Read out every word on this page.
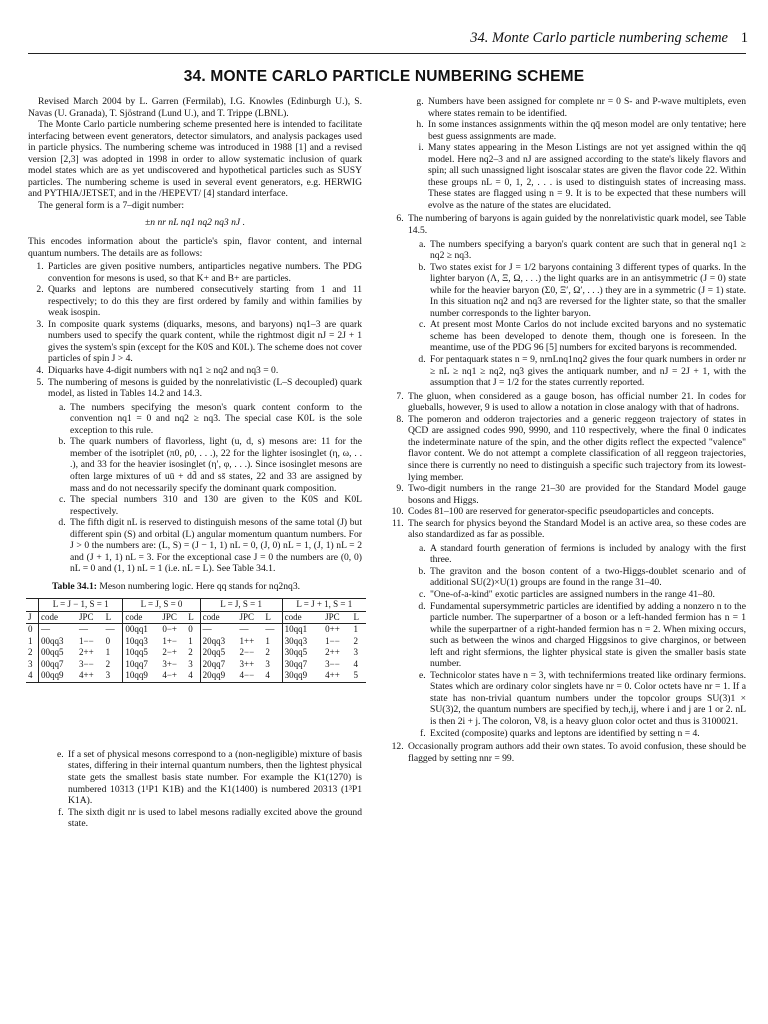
34. Monte Carlo particle numbering scheme 1
34. MONTE CARLO PARTICLE NUMBERING SCHEME

Revised March 2004 by L. Garren (Fermilab), I.G. Knowles (Edinburgh U.), S. Navas (U. Granada), T. Sjöstrand (Lund U.), and T. Trippe (LBNL).

The Monte Carlo particle numbering scheme presented here is intended to facilitate interfacing between event generators, detector simulators, and analysis packages used in particle physics. The numbering scheme was introduced in 1988 [1] and a revised version [2,3] was adopted in 1998 in order to allow systematic inclusion of quark model states which are as yet undiscovered and hypothetical particles such as SUSY particles. The numbering scheme is used in several event generators, e.g. HERWIG and PYTHIA/JETSET, and in the /HEPEVT/ [4] standard interface.

The general form is a 7–digit number:

±n nr nL nq1 nq2 nq3 nJ .

This encodes information about the particle's spin, flavor content, and internal quantum numbers. The details are as follows:

1. Particles are given positive numbers, antiparticles negative numbers. The PDG convention for mesons is used, so that K+ and B+ are particles.
2. Quarks and leptons are numbered consecutively starting from 1 and 11 respectively; to do this they are first ordered by family and within families by weak isospin.
3. In composite quark systems (diquarks, mesons, and baryons) nq1–3 are quark numbers used to specify the quark content, while the rightmost digit nJ = 2J + 1 gives the system's spin (except for the K0S and K0L). The scheme does not cover particles of spin J > 4.
4. Diquarks have 4-digit numbers with nq1 ≥ nq2 and nq3 = 0.
5. The numbering of mesons is guided by the nonrelativistic (L–S decoupled) quark model, as listed in Tables 14.2 and 14.3.
a. The numbers specifying the meson's quark content conform to the convention nq1 = 0 and nq2 ≥ nq3. The special case K0L is the sole exception to this rule.
b. The quark numbers of flavorless, light (u, d, s) mesons are: 11 for the member of the isotriplet (π0, ρ0, . . .), 22 for the lighter isosinglet (η, ω, . . .), and 33 for the heavier isosinglet (η′, φ, . . .). Since isosinglet mesons are often large mixtures of uū + dd̄ and ss̄ states, 22 and 33 are assigned by mass and do not necessarily specify the dominant quark composition.
c. The special numbers 310 and 130 are given to the K0S and K0L respectively.
d. The fifth digit nL is reserved to distinguish mesons of the same total (J) but different spin (S) and orbital (L) angular momentum quantum numbers. For J > 0 the numbers are: (L, S) = (J − 1, 1) nL = 0, (J, 0) nL = 1, (J, 1) nL = 2 and (J + 1, 1) nL = 3. For the exceptional case J = 0 the numbers are (0, 0) nL = 0 and (1, 1) nL = 1 (i.e. nL = L). See Table 34.1.

Table 34.1: Meson numbering logic. Here qq stands for nq2nq3.

	L = J − 1, S = 1			L = J, S = 0			L = J, S = 1			L = J + 1, S = 1		
J	code	JPC	L	code	JPC	L	code	JPC	L	code	JPC	L
0	—	—	—	00qq1	0−+	0	—	—	—	10qq1	0++	1
1	00qq3	1−−	0	10qq3	1+−	1	20qq3	1++	1	30qq3	1−−	2
2	00qq5	2++	1	10qq5	2−+	2	20qq5	2−−	2	30qq5	2++	3
3	00qq7	3−−	2	10qq7	3+−	3	20qq7	3++	3	30qq7	3−−	4
4	00qq9	4++	3	10qq9	4−+	4	20qq9	4−−	4	30qq9	4++	5
e. If a set of physical mesons correspond to a (non-negligible) mixture of basis states, differing in their internal quantum numbers, then the lightest physical state gets the smallest basis state number. For example the K1(1270) is numbered 10313 (1¹P1 K1B) and the K1(1400) is numbered 20313 (1³P1 K1A).
f. The sixth digit nr is used to label mesons radially excited above the ground state.
g. Numbers have been assigned for complete nr = 0 S- and P-wave multiplets, even where states remain to be identified.
h. In some instances assignments within the qq̄ meson model are only tentative; here best guess assignments are made.
i. Many states appearing in the Meson Listings are not yet assigned within the qq̄ model. Here nq2–3 and nJ are assigned according to the state's likely flavors and spin; all such unassigned light isoscalar states are given the flavor code 22. Within these groups nL = 0, 1, 2, . . . is used to distinguish states of increasing mass. These states are flagged using n = 9. It is to be expected that these numbers will evolve as the nature of the states are elucidated.
6. The numbering of baryons is again guided by the nonrelativistic quark model, see Table 14.5.
a. The numbers specifying a baryon's quark content are such that in general nq1 ≥ nq2 ≥ nq3.
b. Two states exist for J = 1/2 baryons containing 3 different types of quarks. In the lighter baryon (Λ, Ξ, Ω, . . .) the light quarks are in an antisymmetric (J = 0) state while for the heavier baryon (Σ0, Ξ′, Ω′, . . .) they are in a symmetric (J = 1) state. In this situation nq2 and nq3 are reversed for the lighter state, so that the smaller number corresponds to the lighter baryon.
c. At present most Monte Carlos do not include excited baryons and no systematic scheme has been developed to denote them, though one is foreseen. In the meantime, use of the PDG 96 [5] numbers for excited baryons is recommended.
d. For pentaquark states n = 9, nrnLnq1nq2 gives the four quark numbers in order nr ≥ nL ≥ nq1 ≥ nq2, nq3 gives the antiquark number, and nJ = 2J + 1, with the assumption that J = 1/2 for the states currently reported.
7. The gluon, when considered as a gauge boson, has official number 21. In codes for glueballs, however, 9 is used to allow a notation in close analogy with that of hadrons.
8. The pomeron and odderon trajectories and a generic reggeon trajectory of states in QCD are assigned codes 990, 9990, and 110 respectively, where the final 0 indicates the indeterminate nature of the spin, and the other digits reflect the expected "valence" flavor content. We do not attempt a complete classification of all reggeon trajectories, since there is currently no need to distinguish a specific such trajectory from its lowest-lying member.
9. Two-digit numbers in the range 21–30 are provided for the Standard Model gauge bosons and Higgs.
10. Codes 81–100 are reserved for generator-specific pseudoparticles and concepts.
11. The search for physics beyond the Standard Model is an active area, so these codes are also standardized as far as possible.
a. A standard fourth generation of fermions is included by analogy with the first three.
b. The graviton and the boson content of a two-Higgs-doublet scenario and of additional SU(2)×U(1) groups are found in the range 31–40.
c. "One-of-a-kind" exotic particles are assigned numbers in the range 41–80.
d. Fundamental supersymmetric particles are identified by adding a nonzero n to the particle number. The superpartner of a boson or a left-handed fermion has n = 1 while the superpartner of a right-handed fermion has n = 2. When mixing occurs, such as between the winos and charged Higgsinos to give charginos, or between left and right sfermions, the lighter physical state is given the smaller basis state number.
e. Technicolor states have n = 3, with technifermions treated like ordinary fermions. States which are ordinary color singlets have nr = 0. Color octets have nr = 1. If a state has non-trivial quantum numbers under the topcolor groups SU(3)1 × SU(3)2, the quantum numbers are specified by tech,ij, where i and j are 1 or 2. nL is then 2i + j. The coloron, V8, is a heavy gluon color octet and thus is 3100021.
f. Excited (composite) quarks and leptons are identified by setting n = 4.
12. Occasionally program authors add their own states. To avoid confusion, these should be flagged by setting nnr = 99.
